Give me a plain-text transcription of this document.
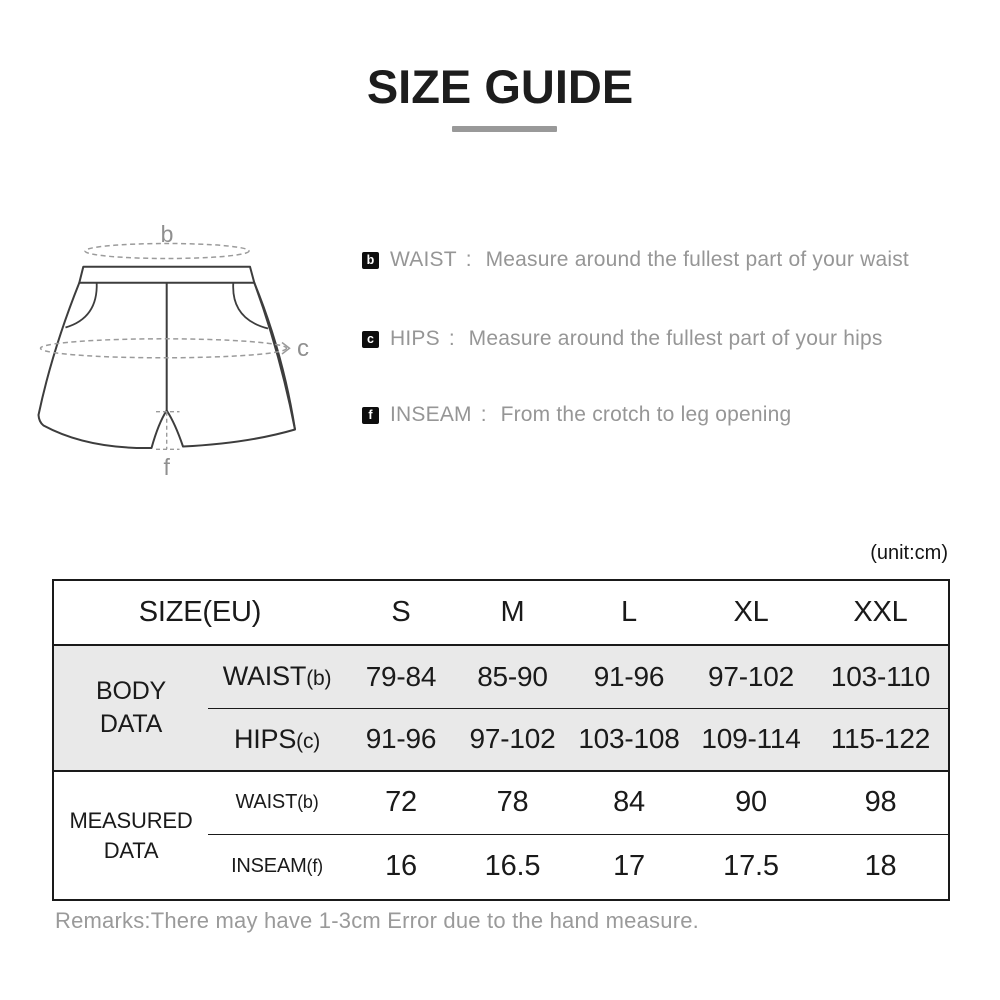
SIZE GUIDE
b
c
f
b WAIST : Measure around the fullest part of your waist
c HIPS : Measure around the fullest part of your hips
f INSEAM : From the crotch to leg opening
(unit:cm)
SIZE(EU)		S	M	L	XL	XXL

BODY
DATA	WAIST(b)	79-84	85-90	91-96	97-102	103-110
	HIPS(c)	91-96	97-102	103-108	109-114	115-122

MEASURED
DATA	WAIST(b)	72	78	84	90	98
	INSEAM(f)	16	16.5	17	17.5	18
Remarks:There may have 1-3cm Error due to the hand measure.
